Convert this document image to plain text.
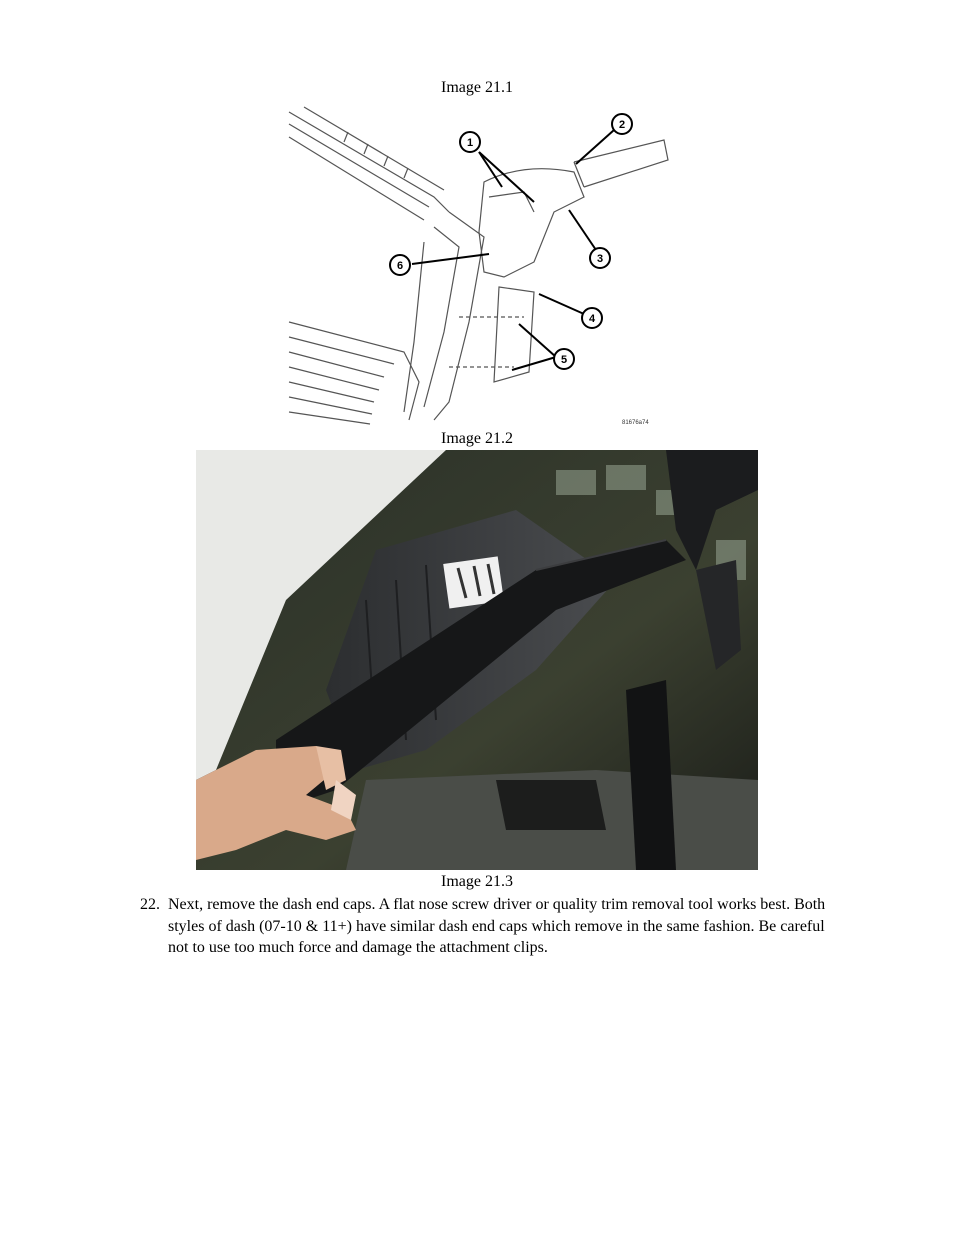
Image 21.1
1
2
3
4
5
6
81676a74
Image 21.2
Image 21.3
22. Next, remove the dash end caps. A flat nose screw driver or quality trim removal tool works best. Both styles of dash (07-10 & 11+) have similar dash end caps which remove in the same fashion. Be careful not to use too much force and damage the attachment clips.
